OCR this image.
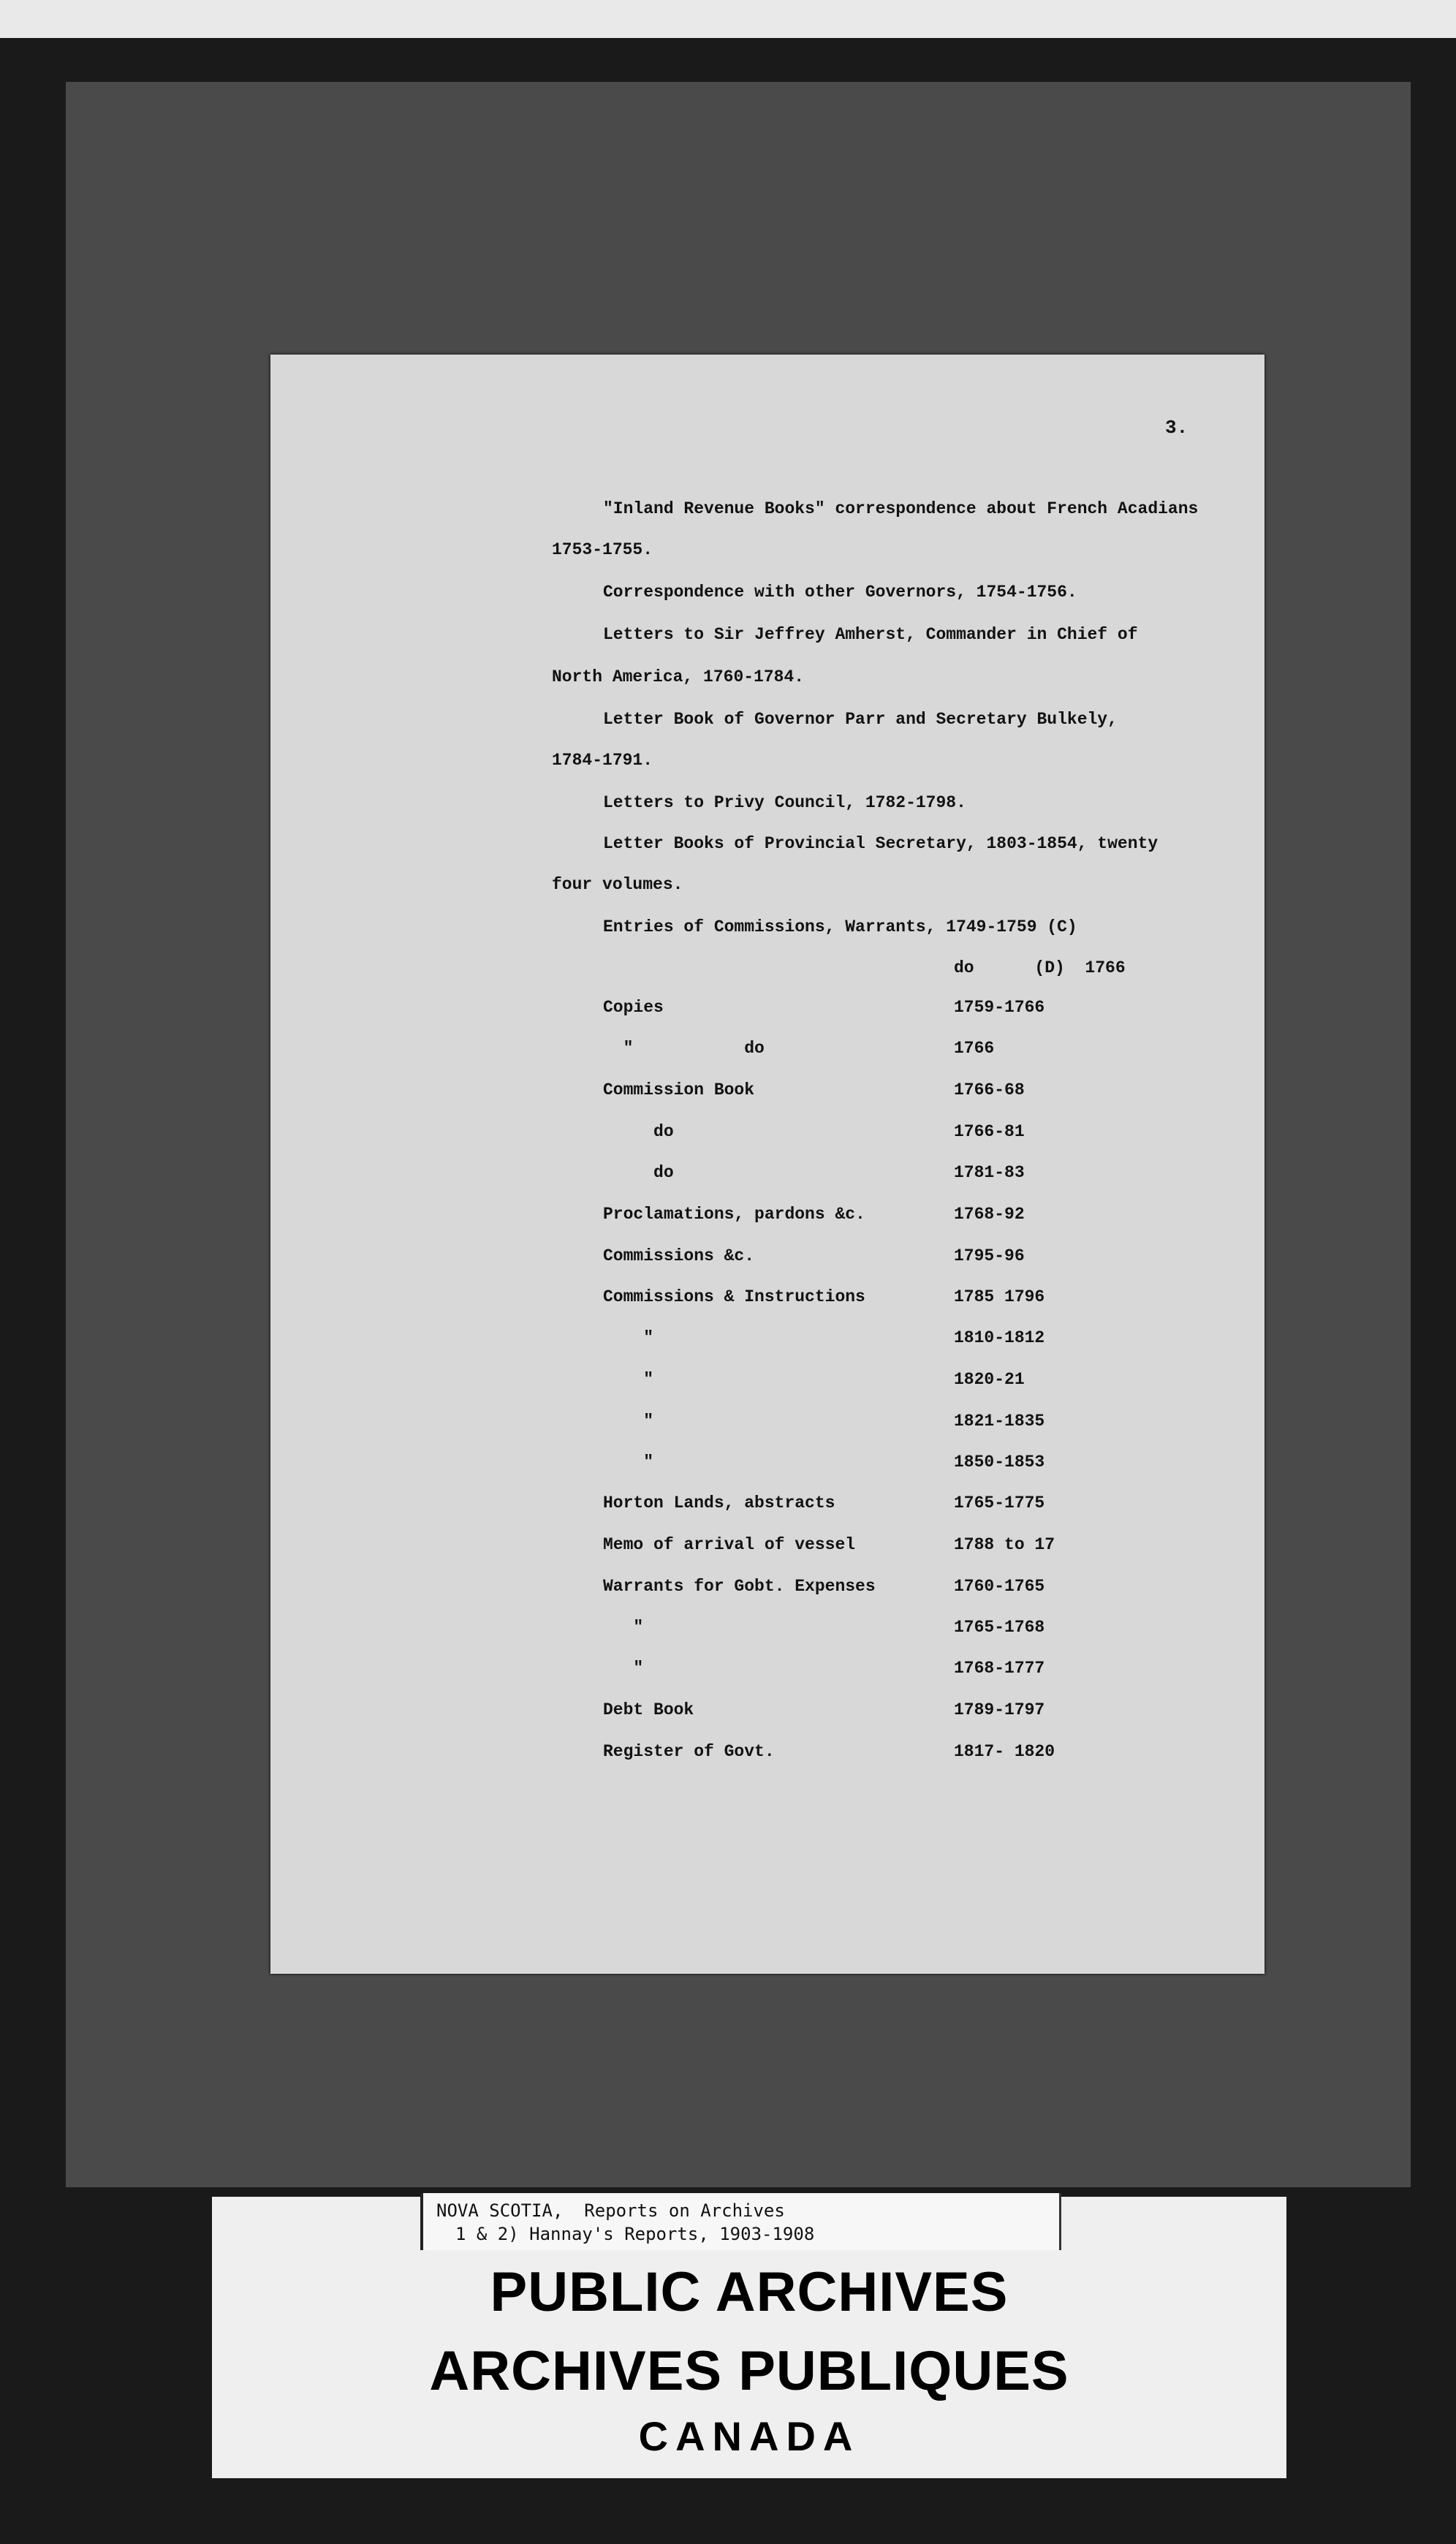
3.
"Inland Revenue Books" correspondence about French Acadians
1753-1755.
Correspondence with other Governors, 1754-1756.
Letters to Sir Jeffrey Amherst, Commander in Chief of
North America, 1760-1784.
Letter Book of Governor Parr and Secretary Bulkely,
1784-1791.
Letters to Privy Council, 1782-1798.
Letter Books of Provincial Secretary, 1803-1854, twenty
four volumes.
Entries of Commissions, Warrants, 1749-1759 (C)
do      (D)  1766
Copies	1759-1766
"           do	1766
Commission Book	1766-68
do	1766-81
do	1781-83
Proclamations, pardons &c.	1768-92
Commissions &c.	1795-96
Commissions & Instructions	1785 1796
"	1810-1812
"	1820-21
"	1821-1835
"	1850-1853
Horton Lands, abstracts	1765-1775
Memo of arrival of vessel	1788 to 17
Warrants for Gobt. Expenses	1760-1765
"	1765-1768
"	1768-1777
Debt Book	1789-1797
Register of Govt.	1817- 1820
NOVA SCOTIA,  Reports on Archives
1 & 2) Hannay's Reports, 1903-1908
PUBLIC ARCHIVES
ARCHIVES PUBLIQUES
CANADA
